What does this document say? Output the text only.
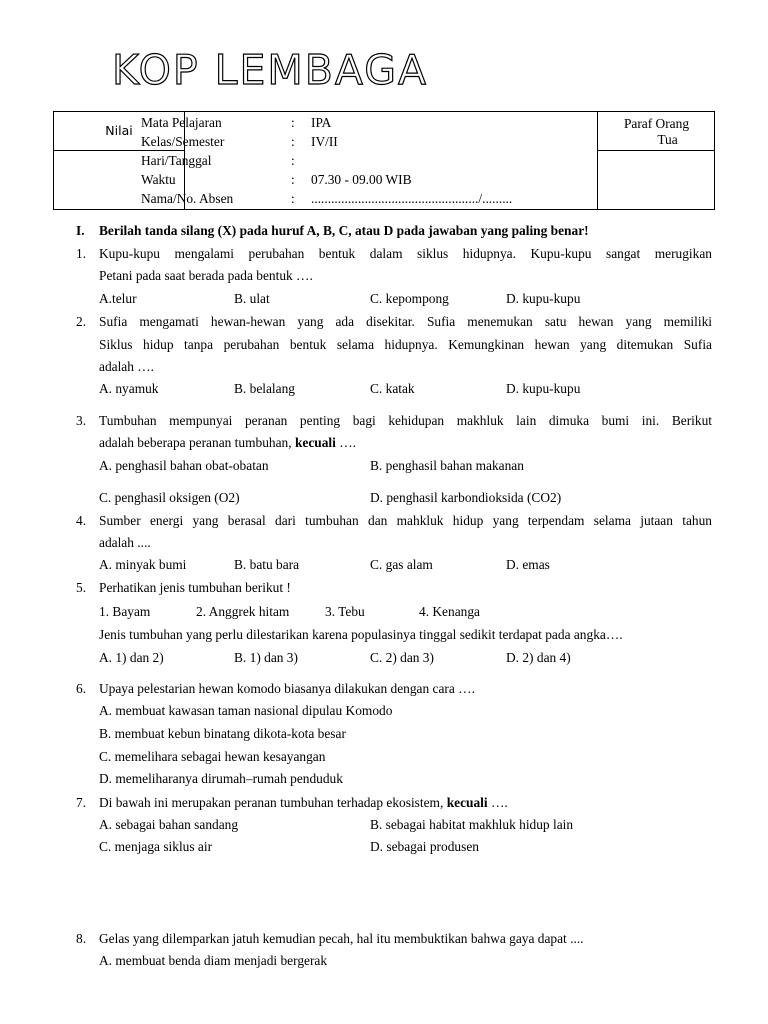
KOP LEMBAGA
Nilai	Paraf Orang
Tua
Mata Pelajaran	: IPA
Kelas/Semester	: IV/II
Hari/Tanggal	:
Waktu	: 07.30 - 09.00 WIB
Nama/No. Absen	: ................................................../.........
I. Berilah tanda silang (X) pada huruf A, B, C, atau D pada jawaban yang paling benar!
1. Kupu-kupu mengalami perubahan bentuk dalam siklus hidupnya. Kupu-kupu sangat merugikan
Petani pada saat berada pada bentuk ….
A.telur	B. ulat	C. kepompong	D. kupu-kupu
2. Sufia mengamati hewan-hewan yang ada disekitar. Sufia menemukan satu hewan yang memiliki
Siklus hidup tanpa perubahan bentuk selama hidupnya. Kemungkinan hewan yang ditemukan Sufia
adalah ….
A. nyamuk	B. belalang	C. katak	D. kupu-kupu
3. Tumbuhan mempunyai peranan penting bagi kehidupan makhluk lain dimuka bumi ini. Berikut
adalah beberapa peranan tumbuhan, kecuali ….
A. penghasil bahan obat-obatan	B. penghasil bahan makanan
C. penghasil oksigen (O2)	D. penghasil karbondioksida (CO2)
4. Sumber energi yang berasal dari tumbuhan dan mahkluk hidup yang terpendam selama jutaan tahun
adalah ....
A. minyak bumi	B. batu bara	C. gas alam	D. emas
5. Perhatikan jenis tumbuhan berikut !
1. Bayam	2. Anggrek hitam	3. Tebu	4. Kenanga
Jenis tumbuhan yang perlu dilestarikan karena populasinya tinggal sedikit terdapat pada angka….
A. 1) dan 2)	B. 1) dan 3)	C. 2) dan 3)	D. 2) dan 4)
6. Upaya pelestarian hewan komodo biasanya dilakukan dengan cara ….
A. membuat kawasan taman nasional dipulau Komodo
B. membuat kebun binatang dikota-kota besar
C. memelihara sebagai hewan kesayangan
D. memeliharanya dirumah–rumah penduduk
7. Di bawah ini merupakan peranan tumbuhan terhadap ekosistem, kecuali ….
A. sebagai bahan sandang	B. sebagai habitat makhluk hidup lain
C. menjaga siklus air	D. sebagai produsen
8. Gelas yang dilemparkan jatuh kemudian pecah, hal itu membuktikan bahwa gaya dapat ....
A. membuat benda diam menjadi bergerak
